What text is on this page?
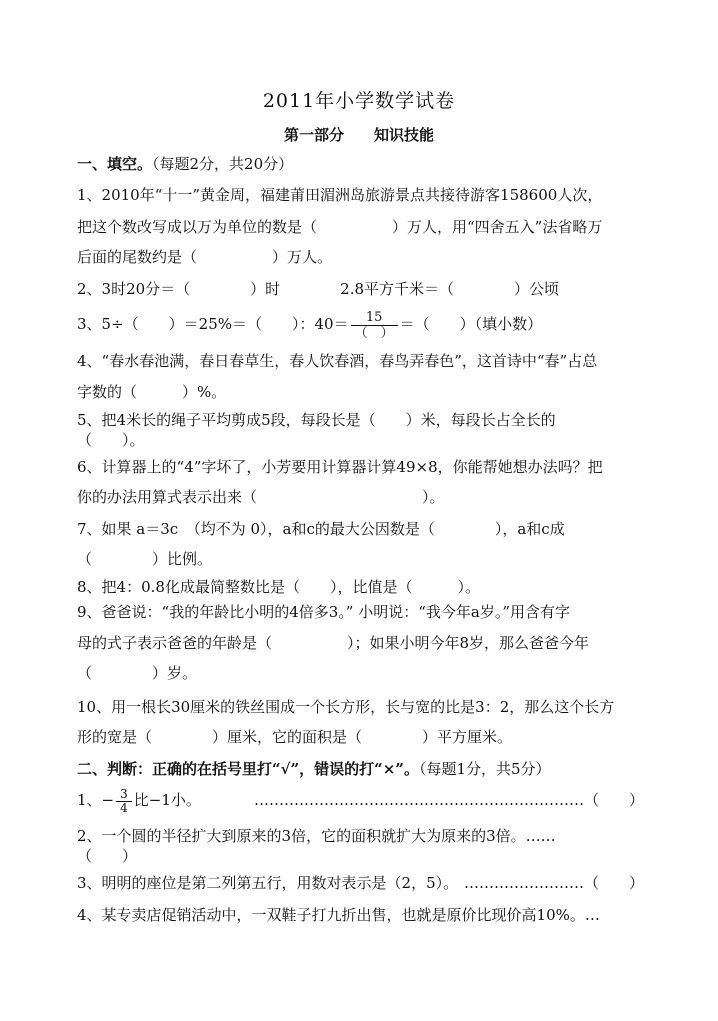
2011年小学数学试卷
第一部分　　知识技能
一、填空。（每题2分，共20分）
1、2010年“十一”黄金周，福建莆田湄洲岛旅游景点共接待游客158600人次，
把这个数改写成以万为单位的数是（　　　　　）万人，用“四舍五入”法省略万
后面的尾数约是（　　　　　）万人。
2、3时20分＝（　　　　）时　　　　2.8平方千米＝（　　　　）公顷
3、5÷（　　）＝25%＝（　　）：$40= \frac{15}{( )}$ ＝（　　）（填小数）
4、“春水春池满，春日春草生，春人饮春酒，春鸟弄春色”，这首诗中“春”占总
字数的（　　　）%。
5、把4米长的绳子平均剪成5段，每段长是（　　）米，每段长占全长的
（　　）。
6、计算器上的“4”字坏了，小芳要用计算器计算49×8，你能帮她想办法吗？把
你的办法用算式表示出来（　　　　　　　　　　　）。
7、如果 a＝3c　（均不为 0），a和c的最大公因数是（　　　　），a和c成
（　　　　）比例。
8、把4：0.8化成最简整数比是（　　），比值是（　　　）。
9、爸爸说：“我的年龄比小明的4倍多3。” 小明说：“我今年a岁。”用含有字
母的式子表示爸爸的年龄是（　　　　　）；如果小明今年8岁，那么爸爸今年
（　　　　）岁。
10、用一根长30厘米的铁丝围成一个长方形，长与宽的比是3：2，那么这个长方
形的宽是（　　　　）厘米，它的面积是（　　　　）平方厘米。
二、判断：正确的在括号里打“√”，错误的打“×”。（每题1分，共5分）
1、− $\frac{3}{4}$ 比−1小。	…………………………………………………………（　　）
2、一个圆的半径扩大到原来的3倍，它的面积就扩大为原来的3倍。……
（　　）
3、明明的座位是第二列第五行，用数对表示是（2，5）。 ……………………（　　）
4、某专卖店促销活动中，一双鞋子打九折出售，也就是原价比现价高10%。…
